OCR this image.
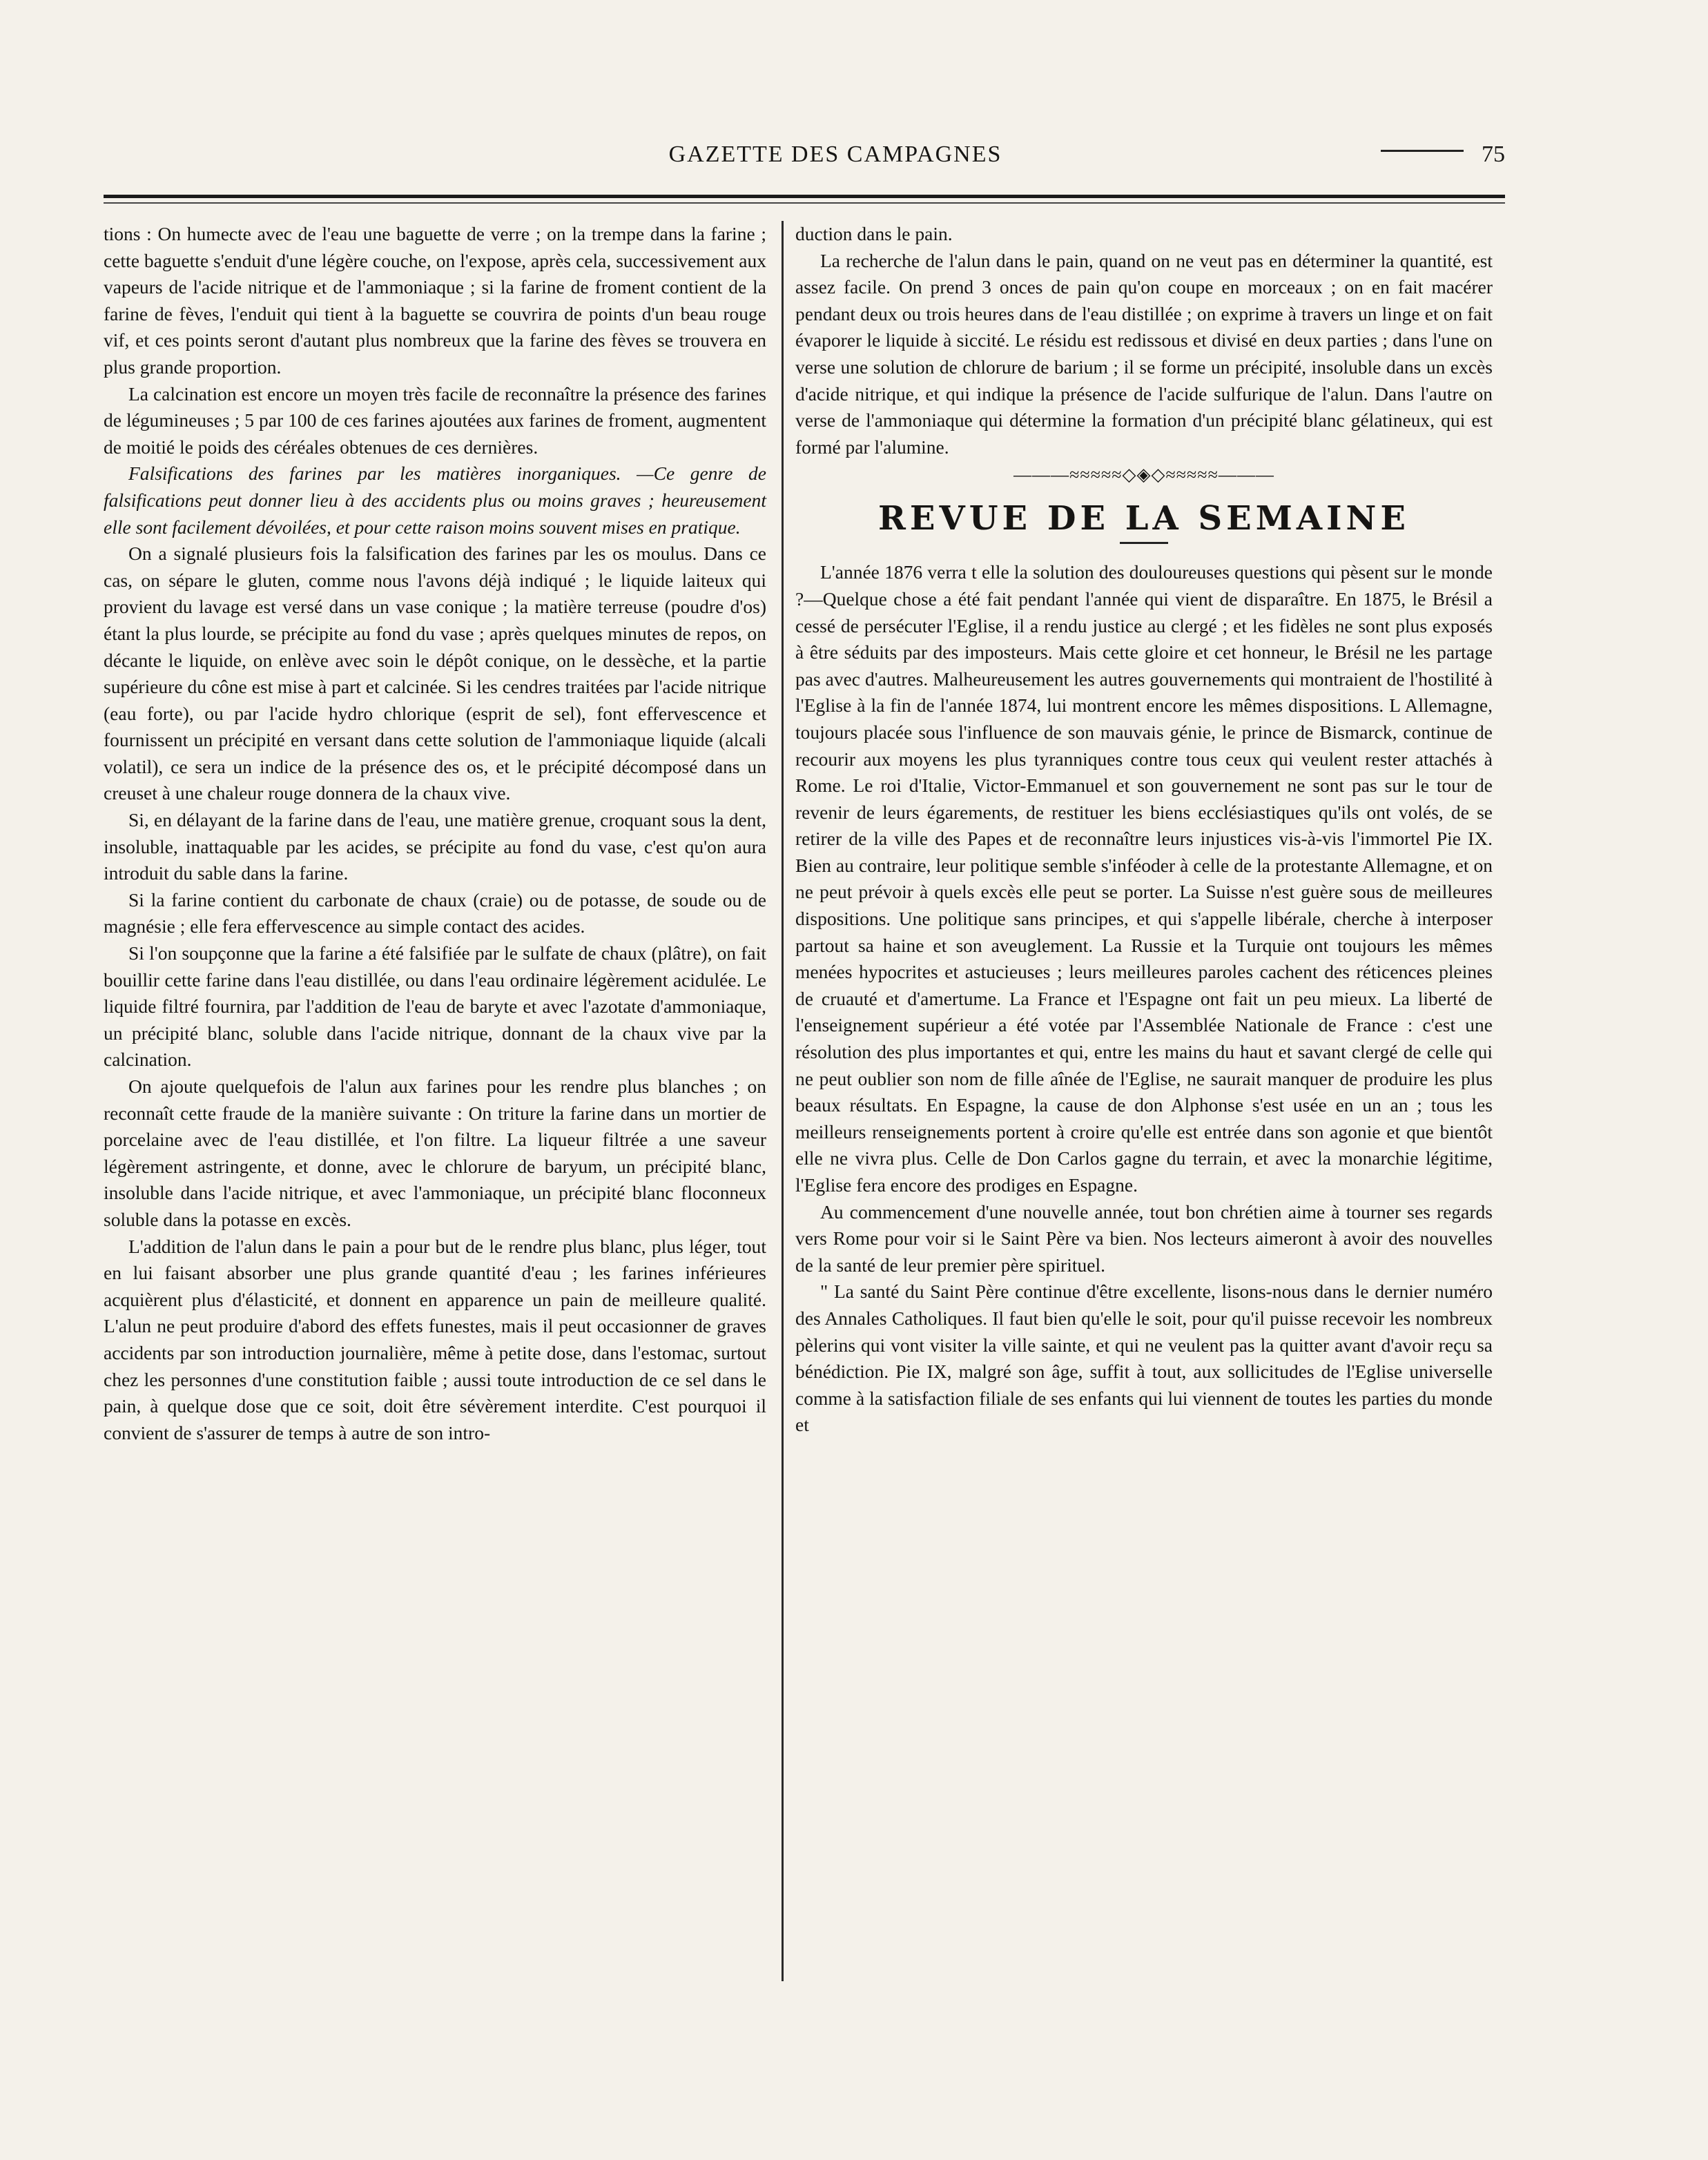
GAZETTE DES CAMPAGNES	75

tions : On humecte avec de l'eau une baguette de verre ; on la trempe dans la farine ; cette baguette s'enduit d'une légère couche, on l'expose, après cela, successivement aux vapeurs de l'acide nitrique et de l'ammoniaque ; si la farine de froment contient de la farine de fèves, l'enduit qui tient à la baguette se couvrira de points d'un beau rouge vif, et ces points seront d'autant plus nombreux que la farine des fèves se trouvera en plus grande proportion.

La calcination est encore un moyen très facile de reconnaître la présence des farines de légumineuses ; 5 par 100 de ces farines ajoutées aux farines de froment, augmentent de moitié le poids des céréales obtenues de ces dernières.

Falsifications des farines par les matières inorganiques. —Ce genre de falsifications peut donner lieu à des accidents plus ou moins graves ; heureusement elle sont facilement dévoilées, et pour cette raison moins souvent mises en pratique.

On a signalé plusieurs fois la falsification des farines par les os moulus. Dans ce cas, on sépare le gluten, comme nous l'avons déjà indiqué ; le liquide laiteux qui provient du lavage est versé dans un vase conique ; la matière terreuse (poudre d'os) étant la plus lourde, se précipite au fond du vase ; après quelques minutes de repos, on décante le liquide, on enlève avec soin le dépôt conique, on le dessèche, et la partie supérieure du cône est mise à part et calcinée. Si les cendres traitées par l'acide nitrique (eau forte), ou par l'acide hydro chlorique (esprit de sel), font effervescence et fournissent un précipité en versant dans cette solution de l'ammoniaque liquide (alcali volatil), ce sera un indice de la présence des os, et le précipité décomposé dans un creuset à une chaleur rouge donnera de la chaux vive.

Si, en délayant de la farine dans de l'eau, une matière grenue, croquant sous la dent, insoluble, inattaquable par les acides, se précipite au fond du vase, c'est qu'on aura introduit du sable dans la farine.

Si la farine contient du carbonate de chaux (craie) ou de potasse, de soude ou de magnésie ; elle fera effervescence au simple contact des acides.

Si l'on soupçonne que la farine a été falsifiée par le sulfate de chaux (plâtre), on fait bouillir cette farine dans l'eau distillée, ou dans l'eau ordinaire légèrement acidulée. Le liquide filtré fournira, par l'addition de l'eau de baryte et avec l'azotate d'ammoniaque, un précipité blanc, soluble dans l'acide nitrique, donnant de la chaux vive par la calcination.

On ajoute quelquefois de l'alun aux farines pour les rendre plus blanches ; on reconnaît cette fraude de la manière suivante : On triture la farine dans un mortier de porcelaine avec de l'eau distillée, et l'on filtre. La liqueur filtrée a une saveur légèrement astringente, et donne, avec le chlorure de baryum, un précipité blanc, insoluble dans l'acide nitrique, et avec l'ammoniaque, un précipité blanc floconneux soluble dans la potasse en excès.

L'addition de l'alun dans le pain a pour but de le rendre plus blanc, plus léger, tout en lui faisant absorber une plus grande quantité d'eau ; les farines inférieures acquièrent plus d'élasticité, et donnent en apparence un pain de meilleure qualité. L'alun ne peut produire d'abord des effets funestes, mais il peut occasionner de graves accidents par son introduction journalière, même à petite dose, dans l'estomac, surtout chez les personnes d'une constitution faible ; aussi toute introduction de ce sel dans le pain, à quelque dose que ce soit, doit être sévèrement interdite. C'est pourquoi il convient de s'assurer de temps à autre de son intro-

duction dans le pain.

La recherche de l'alun dans le pain, quand on ne veut pas en déterminer la quantité, est assez facile. On prend 3 onces de pain qu'on coupe en morceaux ; on en fait macérer pendant deux ou trois heures dans de l'eau distillée ; on exprime à travers un linge et on fait évaporer le liquide à siccité. Le résidu est redissous et divisé en deux parties ; dans l'une on verse une solution de chlorure de barium ; il se forme un précipité, insoluble dans un excès d'acide nitrique, et qui indique la présence de l'acide sulfurique de l'alun. Dans l'autre on verse de l'ammoniaque qui détermine la formation d'un précipité blanc gélatineux, qui est formé par l'alumine.

———≈≈≈≈≈◇◈◇≈≈≈≈≈———
REVUE DE LA SEMAINE

L'année 1876 verra t elle la solution des douloureuses questions qui pèsent sur le monde ?—Quelque chose a été fait pendant l'année qui vient de disparaître. En 1875, le Brésil a cessé de persécuter l'Eglise, il a rendu justice au clergé ; et les fidèles ne sont plus exposés à être séduits par des imposteurs. Mais cette gloire et cet honneur, le Brésil ne les partage pas avec d'autres. Malheureusement les autres gouvernements qui montraient de l'hostilité à l'Eglise à la fin de l'année 1874, lui montrent encore les mêmes dispositions. L Allemagne, toujours placée sous l'influence de son mauvais génie, le prince de Bismarck, continue de recourir aux moyens les plus tyranniques contre tous ceux qui veulent rester attachés à Rome. Le roi d'Italie, Victor-Emmanuel et son gouvernement ne sont pas sur le tour de revenir de leurs égarements, de restituer les biens ecclésiastiques qu'ils ont volés, de se retirer de la ville des Papes et de reconnaître leurs injustices vis-à-vis l'immortel Pie IX. Bien au contraire, leur politique semble s'inféoder à celle de la protestante Allemagne, et on ne peut prévoir à quels excès elle peut se porter. La Suisse n'est guère sous de meilleures dispositions. Une politique sans principes, et qui s'appelle libérale, cherche à interposer partout sa haine et son aveuglement. La Russie et la Turquie ont toujours les mêmes menées hypocrites et astucieuses ; leurs meilleures paroles cachent des réticences pleines de cruauté et d'amertume. La France et l'Espagne ont fait un peu mieux. La liberté de l'enseignement supérieur a été votée par l'Assemblée Nationale de France : c'est une résolution des plus importantes et qui, entre les mains du haut et savant clergé de celle qui ne peut oublier son nom de fille aînée de l'Eglise, ne saurait manquer de produire les plus beaux résultats. En Espagne, la cause de don Alphonse s'est usée en un an ; tous les meilleurs renseignements portent à croire qu'elle est entrée dans son agonie et que bientôt elle ne vivra plus. Celle de Don Carlos gagne du terrain, et avec la monarchie légitime, l'Eglise fera encore des prodiges en Espagne.

Au commencement d'une nouvelle année, tout bon chrétien aime à tourner ses regards vers Rome pour voir si le Saint Père va bien. Nos lecteurs aimeront à avoir des nouvelles de la santé de leur premier père spirituel.

" La santé du Saint Père continue d'être excellente, lisons-nous dans le dernier numéro des Annales Catholiques. Il faut bien qu'elle le soit, pour qu'il puisse recevoir les nombreux pèlerins qui vont visiter la ville sainte, et qui ne veulent pas la quitter avant d'avoir reçu sa bénédiction. Pie IX, malgré son âge, suffit à tout, aux sollicitudes de l'Eglise universelle comme à la satisfaction filiale de ses enfants qui lui viennent de toutes les parties du monde et
